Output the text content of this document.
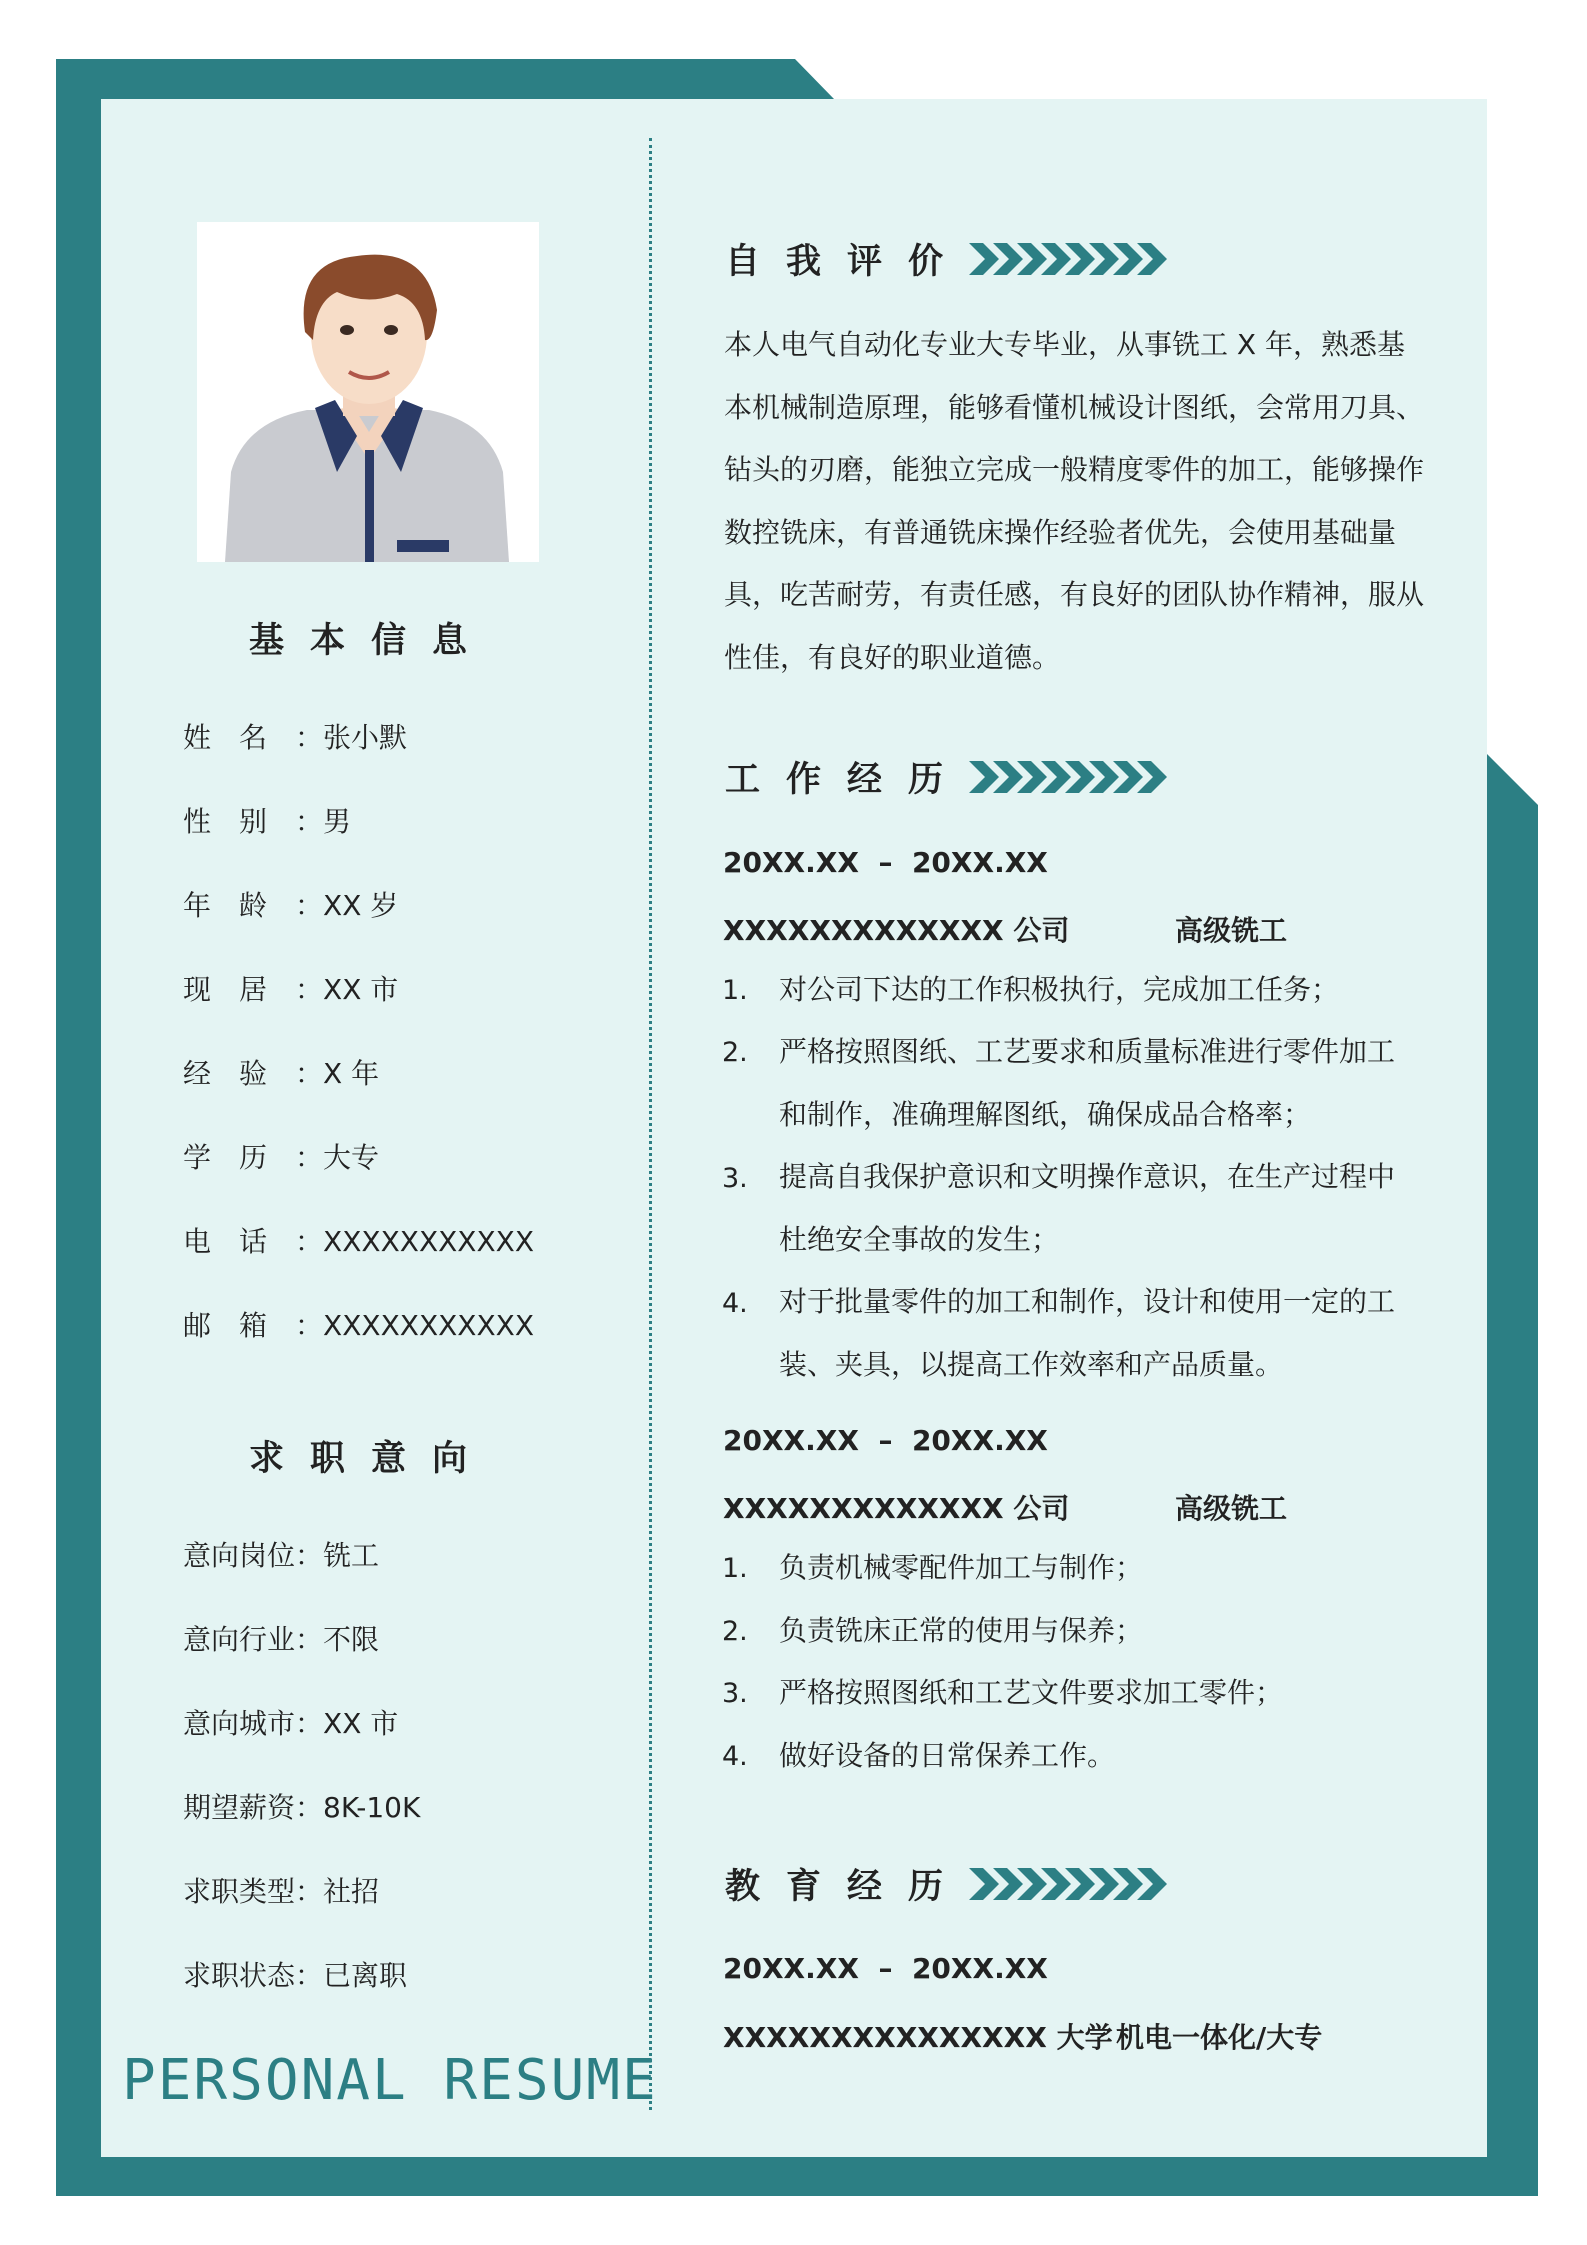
基本信息
姓名：张小默
性别：男
年龄：XX 岁
现居：XX 市
经验：X 年
学历：大专
电话：XXXXXXXXXXX
邮箱：XXXXXXXXXXX
求职意向
意向岗位：铣工
意向行业：不限
意向城市：XX 市
期望薪资：8K-10K
求职类型：社招
求职状态：已离职
PERSONAL RESUME
自我评价
本人电气自动化专业大专毕业，从事铣工 X 年，熟悉基本机械制造原理，能够看懂机械设计图纸，会常用刀具、钻头的刃磨，能独立完成一般精度零件的加工，能够操作数控铣床，有普通铣床操作经验者优先，会使用基础量具，吃苦耐劳，有责任感，有良好的团队协作精神，服从性佳，有良好的职业道德。
工作经历
20XX.XX  –  20XX.XX
XXXXXXXXXXXXX 公司	高级铣工
1. 对公司下达的工作积极执行，完成加工任务；
2. 严格按照图纸、工艺要求和质量标准进行零件加工和制作，准确理解图纸，确保成品合格率；
3. 提高自我保护意识和文明操作意识，在生产过程中杜绝安全事故的发生；
4. 对于批量零件的加工和制作，设计和使用一定的工装、夹具，以提高工作效率和产品质量。
20XX.XX  –  20XX.XX
XXXXXXXXXXXXX 公司	高级铣工
1. 负责机械零配件加工与制作；
2. 负责铣床正常的使用与保养；
3. 严格按照图纸和工艺文件要求加工零件；
4. 做好设备的日常保养工作。
教育经历
20XX.XX  –  20XX.XX
XXXXXXXXXXXXXXX 大学 机电一体化/大专
